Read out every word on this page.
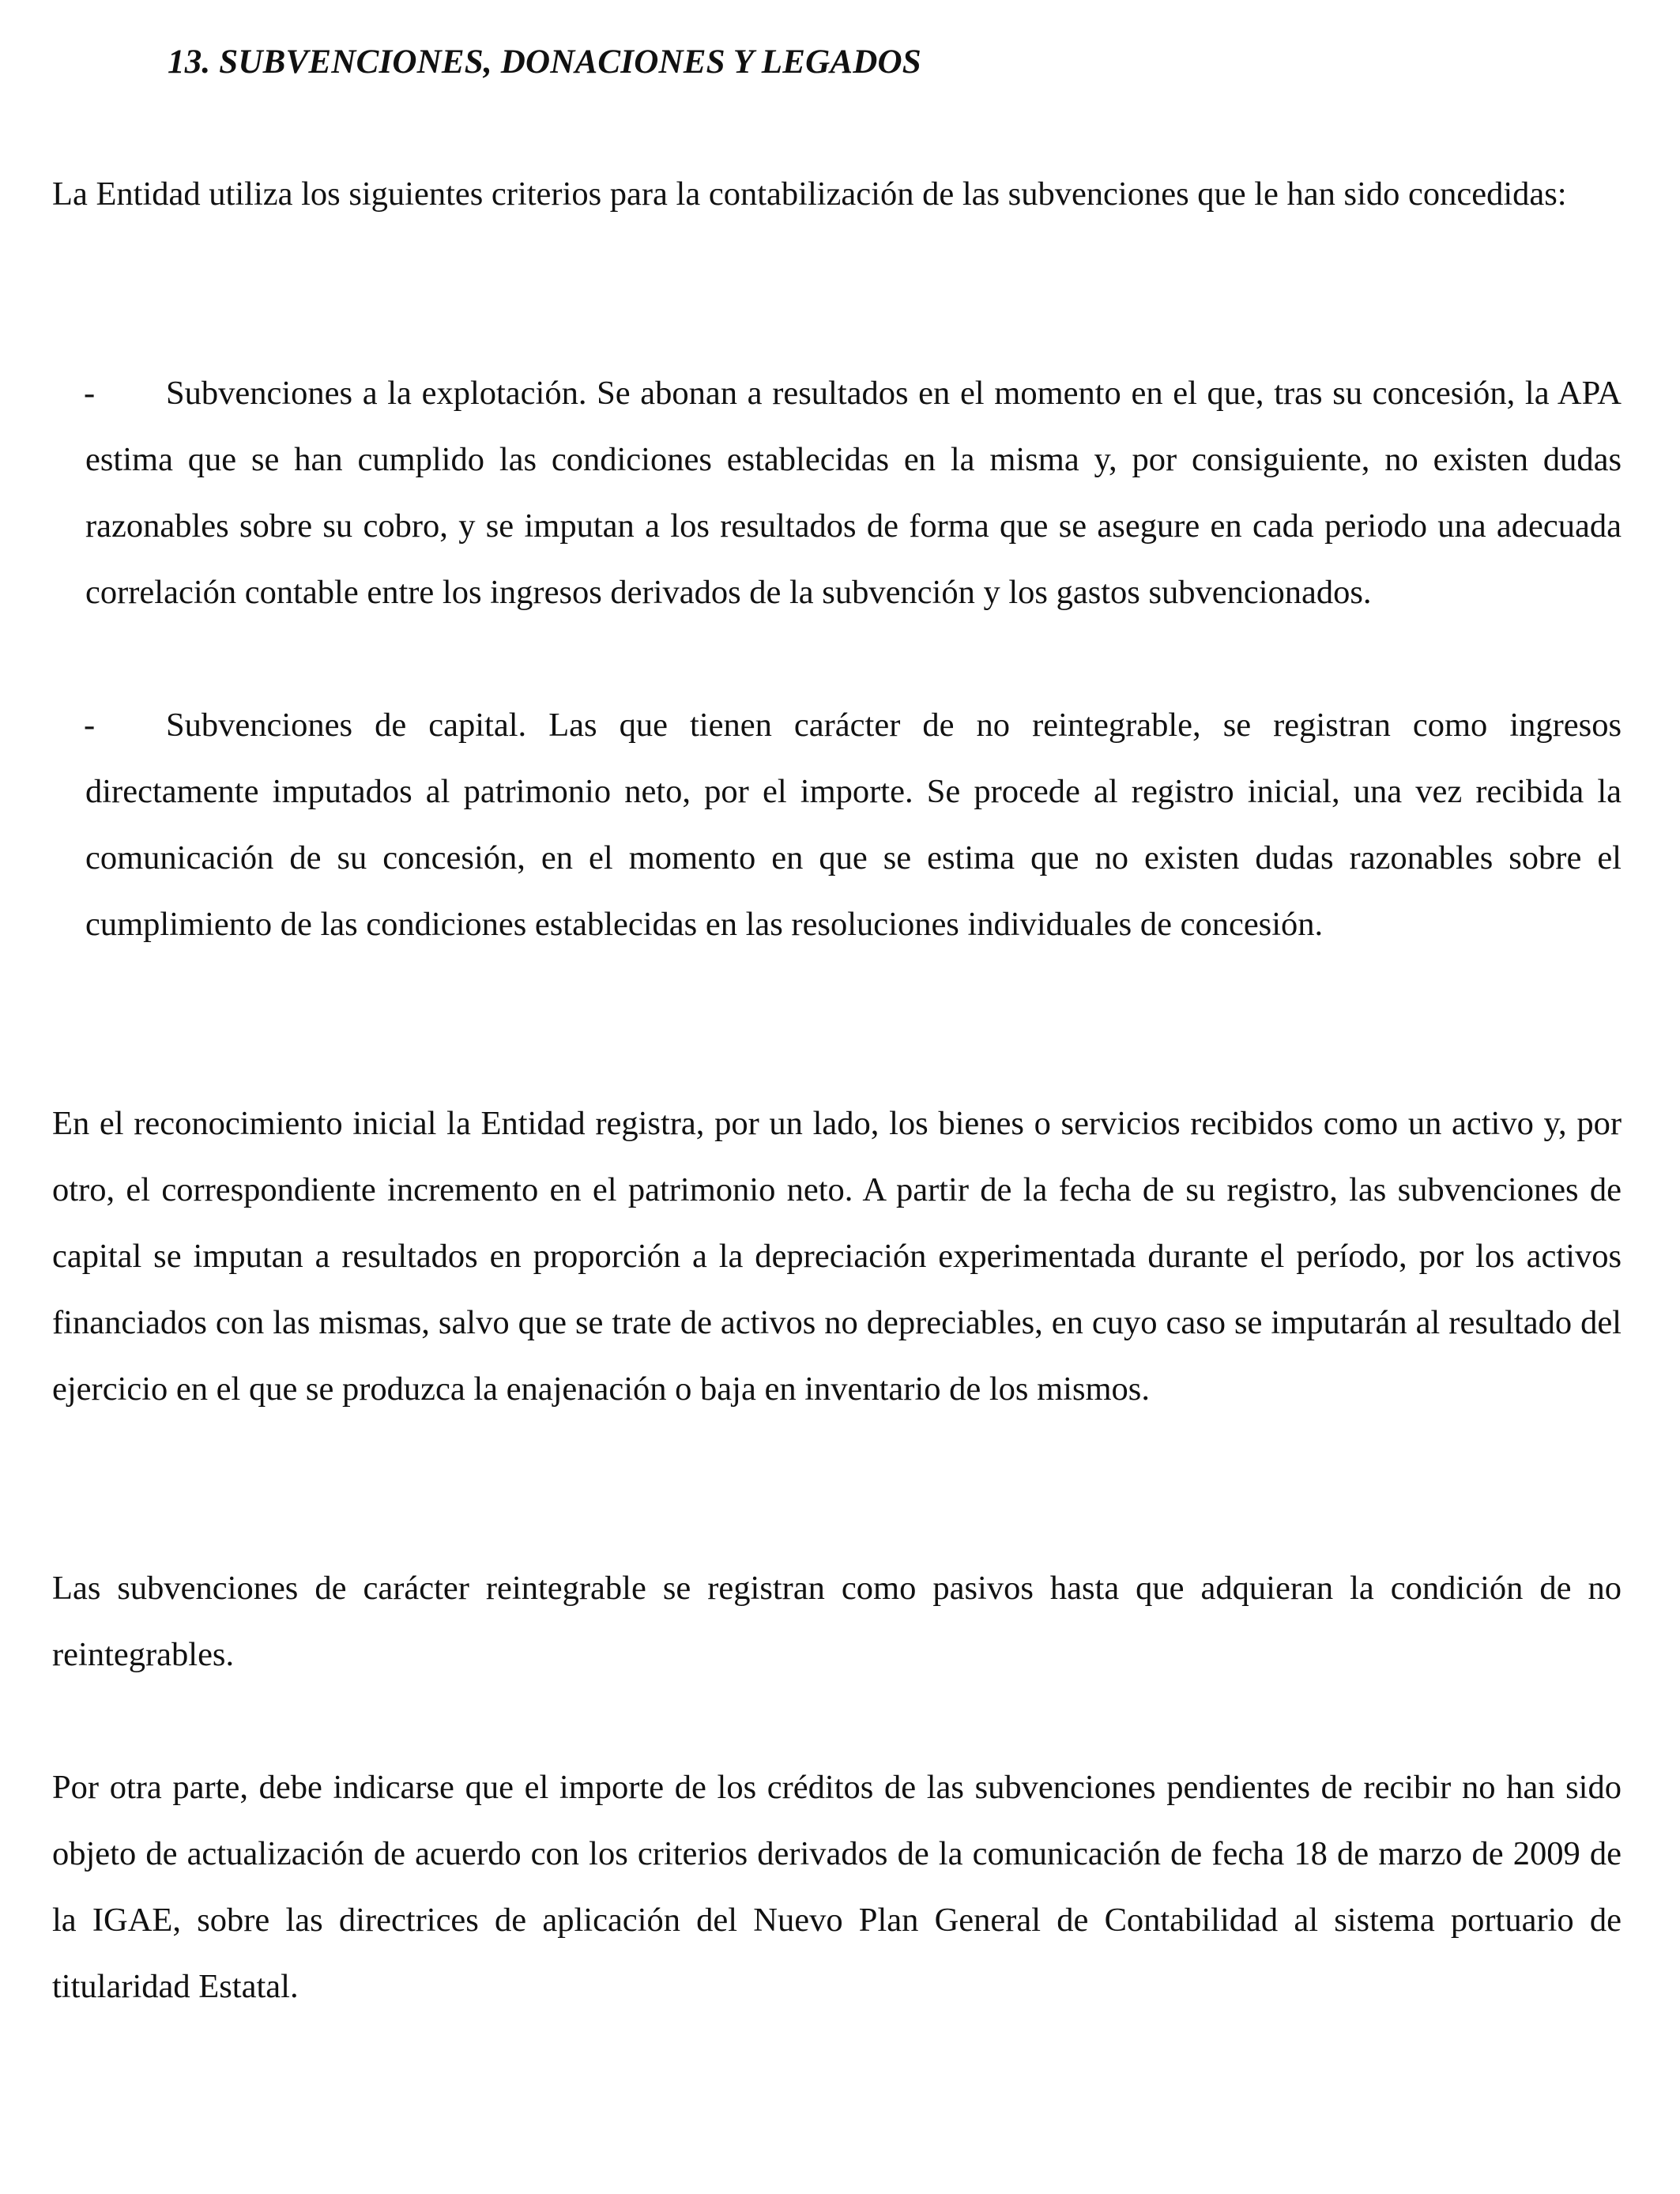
13. SUBVENCIONES, DONACIONES Y LEGADOS

La Entidad utiliza los siguientes criterios para la contabilización de las subvenciones que le han sido concedidas:

- Subvenciones a la explotación. Se abonan a resultados en el momento en el que, tras su concesión, la APA estima que se han cumplido las condiciones establecidas en la misma y, por consiguiente, no existen dudas razonables sobre su cobro, y se imputan a los resultados de forma que se asegure en cada periodo una adecuada correlación contable entre los ingresos derivados de la subvención y los gastos subvencionados.
- Subvenciones de capital. Las que tienen carácter de no reintegrable, se registran como ingresos directamente imputados al patrimonio neto, por el importe. Se procede al registro inicial, una vez recibida la comunicación de su concesión, en el momento en que se estima que no existen dudas razonables sobre el cumplimiento de las condiciones establecidas en las resoluciones individuales de concesión.

En el reconocimiento inicial la Entidad registra, por un lado, los bienes o servicios recibidos como un activo y, por otro, el correspondiente incremento en el patrimonio neto. A partir de la fecha de su registro, las subvenciones de capital se imputan a resultados en proporción a la depreciación experimentada durante el período, por los activos financiados con las mismas, salvo que se trate de activos no depreciables, en cuyo caso se imputarán al resultado del ejercicio en el que se produzca la enajenación o baja en inventario de los mismos.

Las subvenciones de carácter reintegrable se registran como pasivos hasta que adquieran la condición de no reintegrables.

Por otra parte, debe indicarse que el importe de los créditos de las subvenciones pendientes de recibir no han sido objeto de actualización de acuerdo con los criterios derivados de la comunicación de fecha 18 de marzo de 2009 de la IGAE, sobre las directrices de aplicación del Nuevo Plan General de Contabilidad al sistema portuario de titularidad Estatal.
